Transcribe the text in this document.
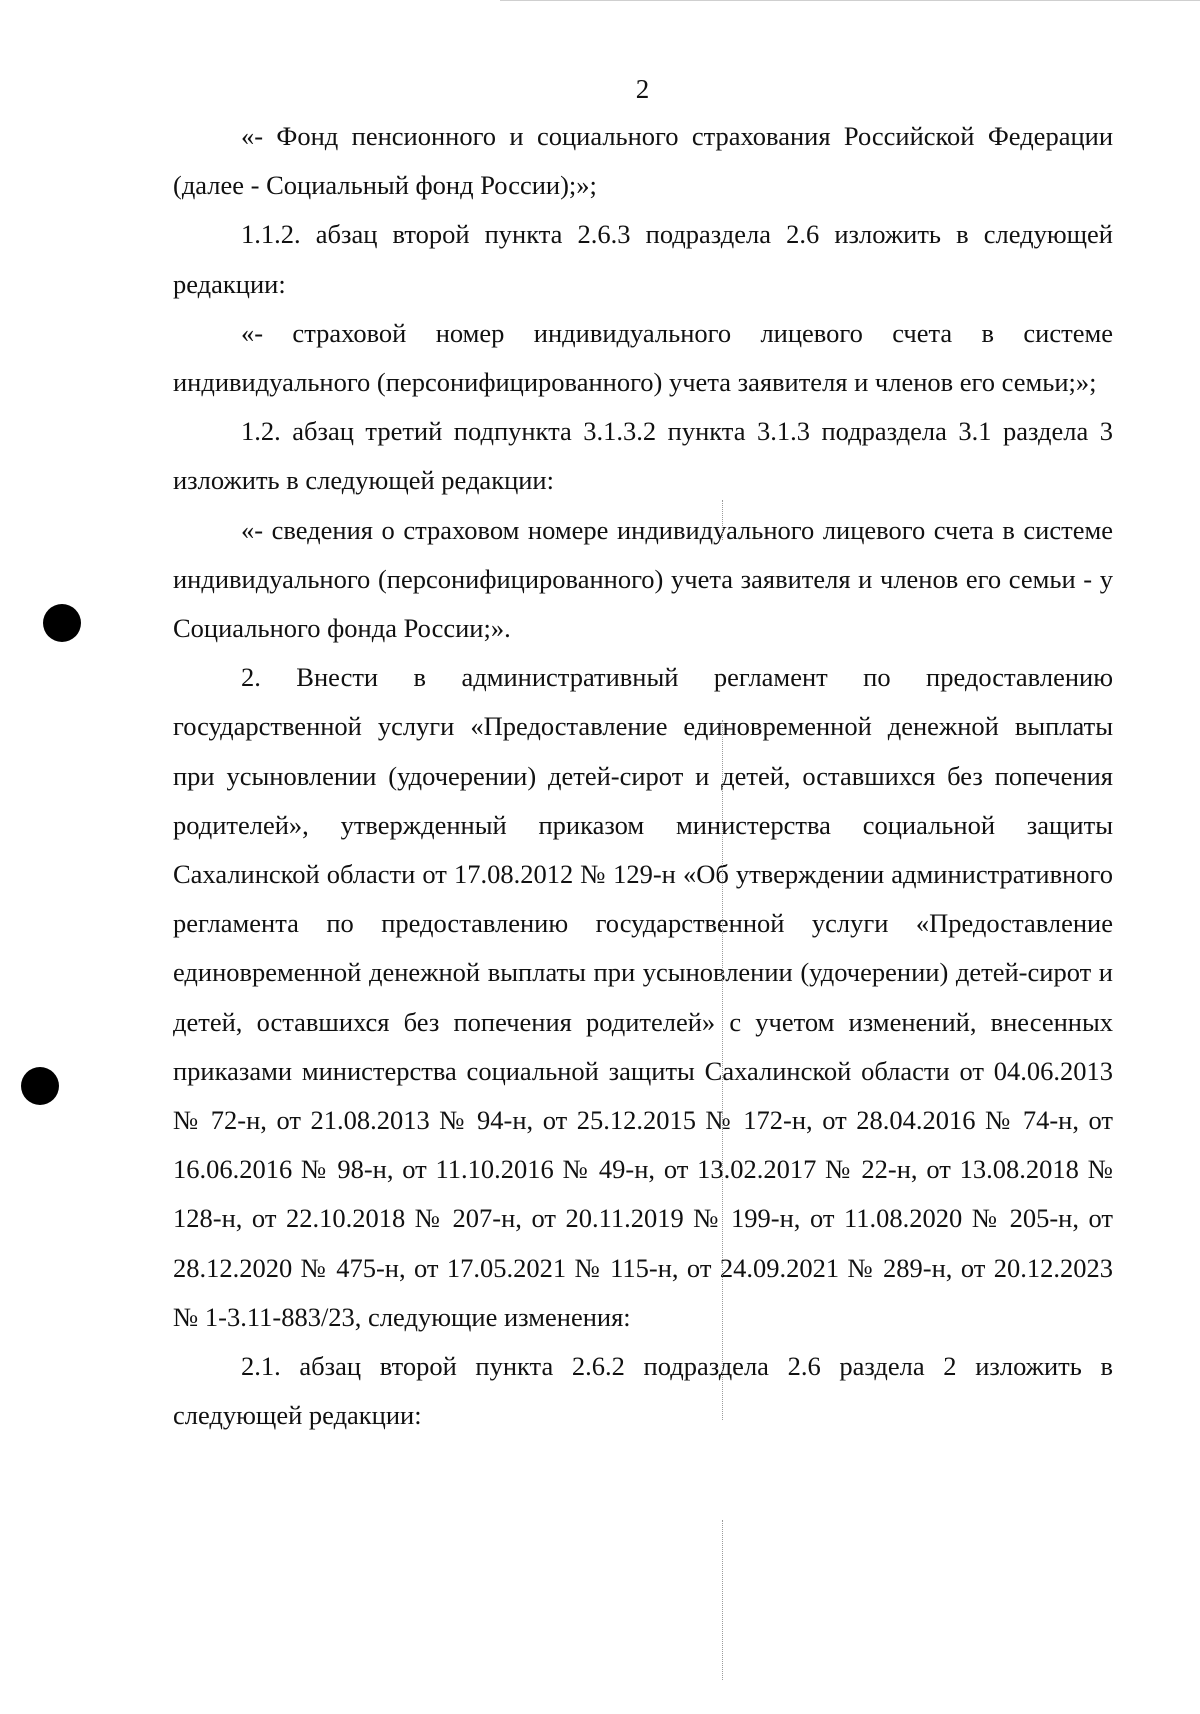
2

«- Фонд пенсионного и социального страхования Российской Федерации (далее - Социальный фонд России);»;

1.1.2. абзац второй пункта 2.6.3 подраздела 2.6 изложить в следующей редакции:

«- страховой номер индивидуального лицевого счета в системе индивидуального (персонифицированного) учета заявителя и членов его семьи;»;

1.2. абзац третий подпункта 3.1.3.2 пункта 3.1.3 подраздела 3.1 раздела 3 изложить в следующей редакции:

«- сведения о страховом номере индивидуального лицевого счета в системе индивидуального (персонифицированного) учета заявителя и членов его семьи - у Социального фонда России;».

2. Внести в административный регламент по предоставлению государственной услуги «Предоставление единовременной денежной выплаты при усыновлении (удочерении) детей-сирот и детей, оставшихся без попечения родителей», утвержденный приказом министерства социальной защиты Сахалинской области от 17.08.2012 № 129-н «Об утверждении административного регламента по предоставлению государственной услуги «Предоставление единовременной денежной выплаты при усыновлении (удочерении) детей-сирот и детей, оставшихся без попечения родителей» с учетом изменений, внесенных приказами министерства социальной защиты Сахалинской области от 04.06.2013 № 72-н, от 21.08.2013 № 94-н, от 25.12.2015 № 172-н, от 28.04.2016 № 74-н, от 16.06.2016 № 98-н, от 11.10.2016 № 49-н, от 13.02.2017 № 22-н, от 13.08.2018 № 128-н, от 22.10.2018 № 207-н, от 20.11.2019 № 199-н, от 11.08.2020 № 205-н, от 28.12.2020 № 475-н, от 17.05.2021 № 115-н, от 24.09.2021 № 289-н, от 20.12.2023 № 1-3.11-883/23, следующие изменения:

2.1. абзац второй пункта 2.6.2 подраздела 2.6 раздела 2 изложить в следующей редакции:
